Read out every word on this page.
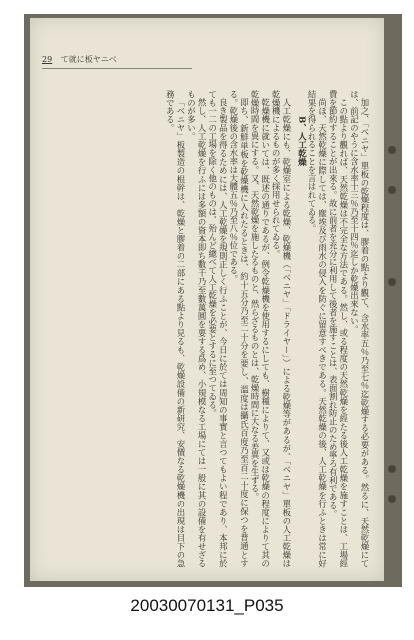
29 て就に板ヤニベ

加之、「ベニヤ」單板の乾燥程度は、膠着の點より觀て、含水率五％乃至七％迄乾燥する必要がある。然るに、天然乾燥にては、前記のやうに含水率十三％乃至十四％迄しか乾燥出來ない。

この點より觀れば、天然乾燥は不完全な方法である。然し、或る程度の天然乾燥を經たる後人工乾燥を施すことは、工場經費を節約することが出來る。故に前者を充分に利用して後者を施すことは、表面割れ防止のため寧ろ有利である。

尚ほ、天然乾燥に際しては、塵埃及び雨水の侵入を防ぐに留意すべきである。天然乾燥の後、人工乾燥を行ふときは常に好結果を得られることを言はれてゐる。

B、人工乾燥

人工乾燥にも、乾燥室による乾燥、乾燥機（「ベニヤ」「ドライヤー」）による乾燥等があるが、「ベニヤ」單板の人工乾燥は乾燥機によるものが多く採用せられてゐる。

乾燥機に就いては、既述の通りであるが、例令乾燥機を使用するにしても、樹種によりて、又或は乾燥の程度によりて其の乾燥時間を異にする。又、天然乾燥を施したるものと、然らざるものとは、乾燥時間に大なる差異を生ずる。

即ち、新鮮単板を乾燥機に入れたるときは、約十五分乃至二十分を要し、溫度は攝氏百度乃至百二十度に保つを普通とする。乾燥後の含水率は大體五％乃至八％位である。

良き製品を得るためには、人工乾燥を規則正しく行ふことが、今日に於ては周知の事實と言つてもよい程であり、本邦に於ても一二の工場を除く他のものは、殆んど總べて人工乾燥を必要とするに至つてゐる。

然し、人工乾燥を行ふには多額の資本即ち數千乃至數萬圓を要する爲め、小規模なる工場にては一般に其の設備を有せざるものが多い。

「ベニヤ」板製造の根幹は、乾燥と膠着の二部にある點より見るも、乾燥設備の新研究、安價なる乾燥機の出現は目下の急務である。

20030070131_P035
